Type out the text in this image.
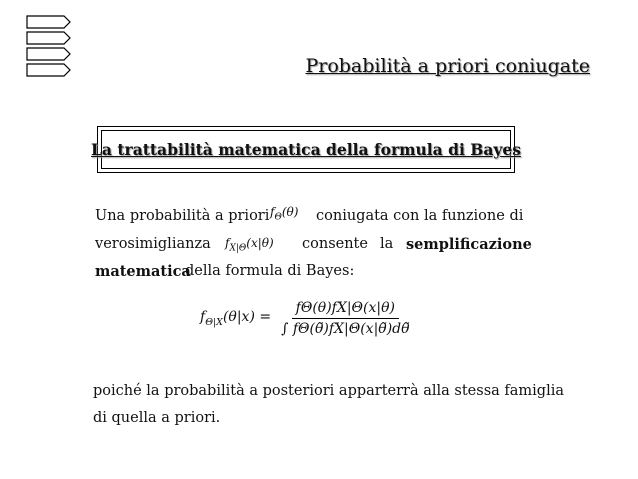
Probabilità a priori coniugate
La trattabilità matematica della formula di Bayes
Una probabilità a priori $f_\Theta(\theta)$ coniugata con la funzione di
verosimiglianza $f_{X|\Theta}(x|\theta)$ consente la semplificazione
matematica
della formula di Bayes:
$f_{\Theta|X}(\theta|x) = \frac{f\Theta(\theta)fX|\Theta(x|\theta)}{\int f\Theta(\thetã)fX|\Theta(x|\thetã)d\thetã}$
poiché la probabilità a posteriori apparterrà alla stessa famiglia
di quella a priori.
